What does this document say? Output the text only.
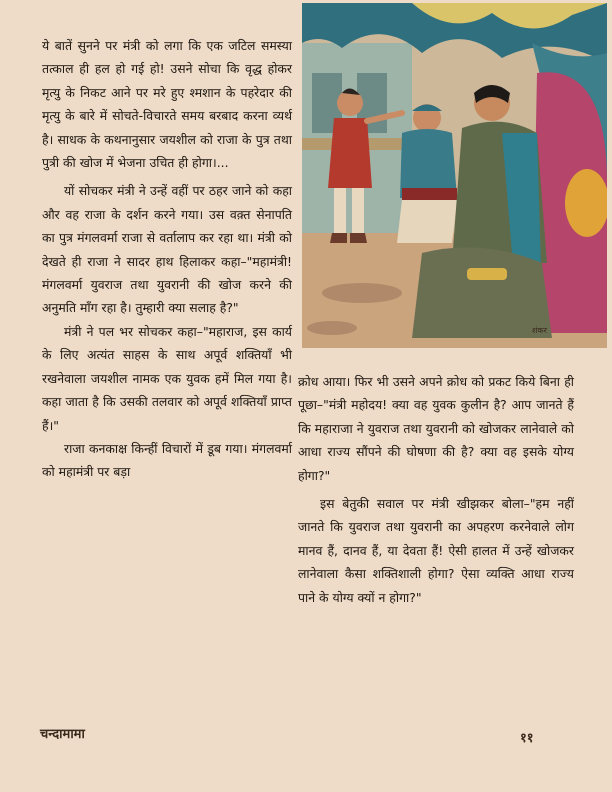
ये बातें सुनने पर मंत्री को लगा कि एक जटिल समस्या तत्काल ही हल हो गई हो! उसने सोचा कि वृद्ध होकर मृत्यु के निकट आने पर मरे हुए श्मशान के पहरेदार की मृत्यु के बारे में सोचते-विचारते समय बरबाद करना व्यर्थ है। साधक के कथनानुसार जयशील को राजा के पुत्र तथा पुत्री की खोज में भेजना उचित ही होगा।...

यों सोचकर मंत्री ने उन्हें वहीं पर ठहर जाने को कहा और वह राजा के दर्शन करने गया। उस वक़्त सेनापति का पुत्र मंगलवर्मा राजा से वर्तालाप कर रहा था। मंत्री को देखते ही राजा ने सादर हाथ हिलाकर कहा–"महामंत्री! मंगलवर्मा युवराज तथा युवरानी की खोज करने की अनुमति माँग रहा है। तुम्हारी क्या सलाह है?"

मंत्री ने पल भर सोचकर कहा–"महाराज, इस कार्य के लिए अत्यंत साहस के साथ अपूर्व शक्तियाँ भी रखनेवाला जयशील नामक एक युवक हमें मिल गया है। कहा जाता है कि उसकी तलवार को अपूर्व शक्तियाँ प्राप्त हैं।"

राजा कनकाक्ष किन्हीं विचारों में डूब गया। मंगलवर्मा को महामंत्री पर बड़ा

शंकर

क्रोध आया। फिर भी उसने अपने क्रोध को प्रकट किये बिना ही पूछा–"मंत्री महोदय! क्या वह युवक कुलीन है? आप जानते हैं कि महाराजा ने युवराज तथा युवरानी को खोजकर लानेवाले को आधा राज्य सौंपने की घोषणा की है? क्या वह इसके योग्य होगा?"

इस बेतुकी सवाल पर मंत्री खीझकर बोला–"हम नहीं जानते कि युवराज तथा युवरानी का अपहरण करनेवाले लोग मानव हैं, दानव हैं, या देवता हैं! ऐसी हालत में उन्हें खोजकर लानेवाला कैसा शक्तिशाली होगा? ऐसा व्यक्ति आधा राज्य पाने के योग्य क्यों न होगा?"

चन्दामामा	११
